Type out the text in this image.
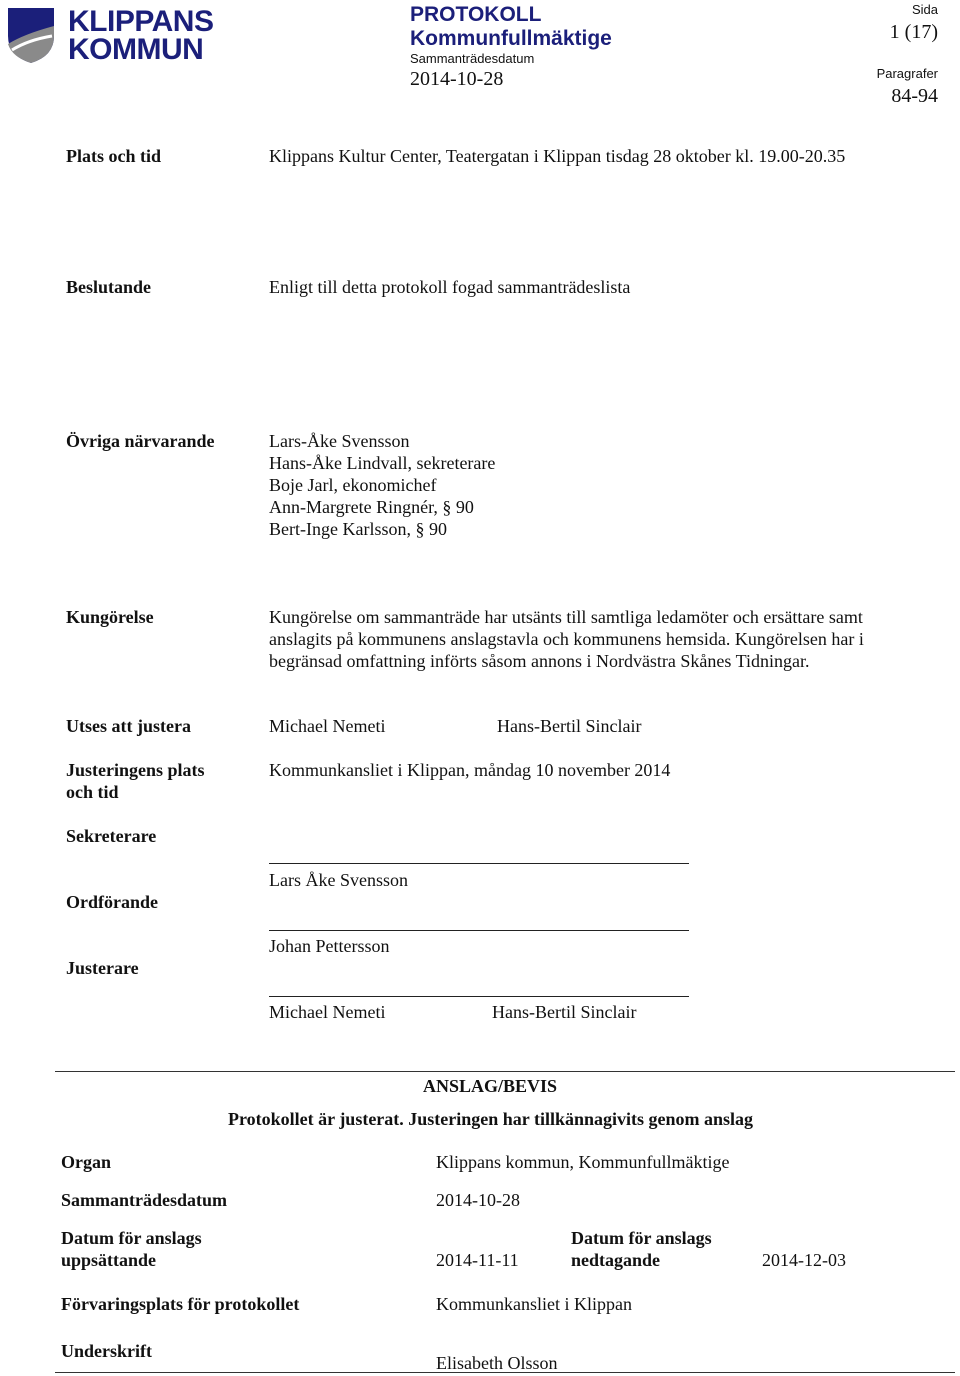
KLIPPANS
KOMMUN
PROTOKOLL
Kommunfullmäktige
Sammanträdesdatum
2014-10-28
Sida
1 (17)
Paragrafer
84-94
Plats och tid	Klippans Kultur Center, Teatergatan i Klippan tisdag 28 oktober kl. 19.00-20.35
Beslutande	Enligt till detta protokoll fogad sammanträdeslista
Övriga närvarande	Lars-Åke Svensson
Hans-Åke Lindvall, sekreterare
Boje Jarl, ekonomichef
Ann-Margrete Ringnér, § 90
Bert-Inge Karlsson, § 90
Kungörelse	Kungörelse om sammanträde har utsänts till samtliga ledamöter och ersättare samt
anslagits på kommunens anslagstavla och kommunens hemsida. Kungörelsen har i
begränsad omfattning införts såsom annons i Nordvästra Skånes Tidningar.
Utses att justera	Michael Nemeti	Hans-Bertil Sinclair
Justeringens plats
och tid
Kommunkansliet i Klippan, måndag 10 november 2014
Sekreterare
Lars Åke Svensson
Ordförande
Johan Pettersson
Justerare
Michael Nemeti	Hans-Bertil Sinclair
ANSLAG/BEVIS
Protokollet är justerat. Justeringen har tillkännagivits genom anslag
Organ	Klippans kommun, Kommunfullmäktige
Sammanträdesdatum	2014-10-28
Datum för anslags
uppsättande	2014-11-11
Datum för anslags
nedtagande	2014-12-03
Förvaringsplats för protokollet	Kommunkansliet i Klippan
Underskrift
Elisabeth Olsson
